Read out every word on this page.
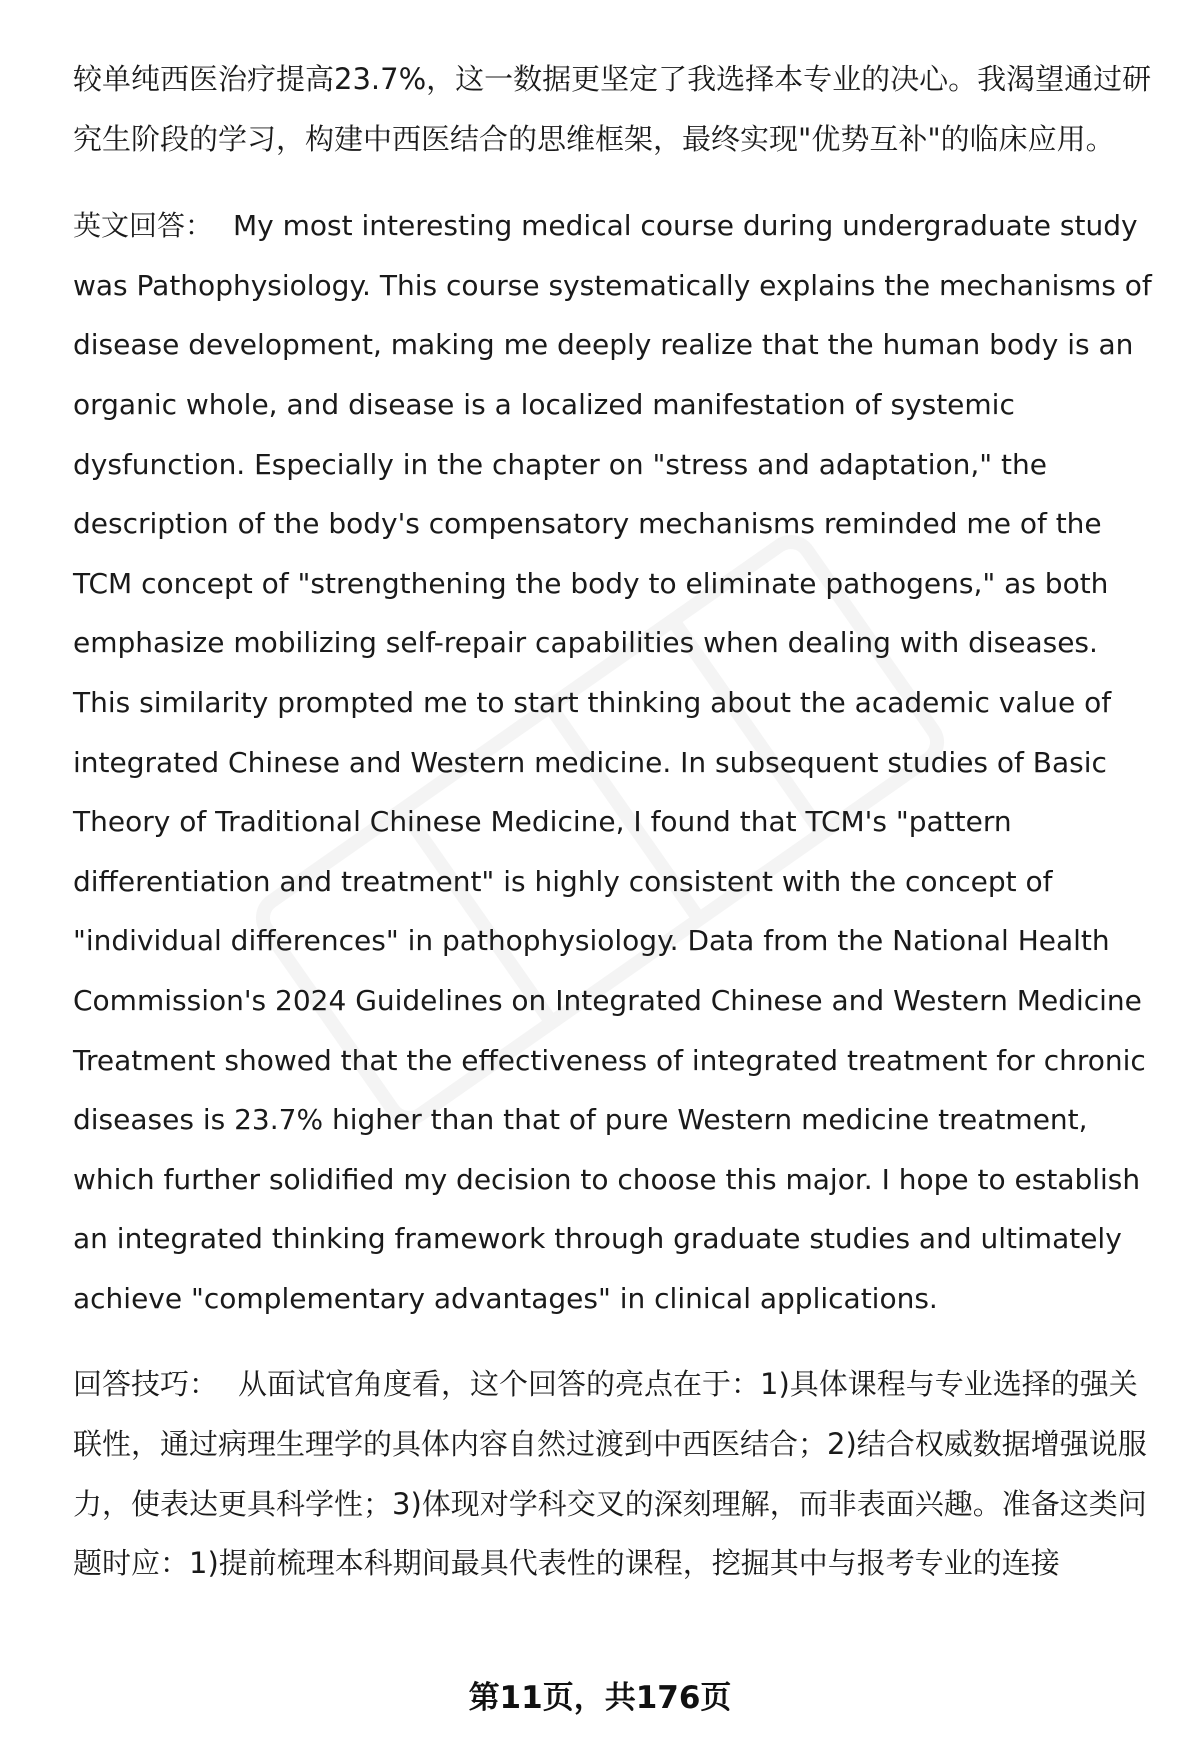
较单纯西医治疗提高23.7%，这一数据更坚定了我选择本专业的决心。我渴望通过研究生阶段的学习，构建中西医结合的思维框架，最终实现"优势互补"的临床应用。

英文回答： My most interesting medical course during undergraduate study was Pathophysiology. This course systematically explains the mechanisms of disease development, making me deeply realize that the human body is an organic whole, and disease is a localized manifestation of systemic dysfunction. Especially in the chapter on "stress and adaptation," the description of the body's compensatory mechanisms reminded me of the TCM concept of "strengthening the body to eliminate pathogens," as both emphasize mobilizing self-repair capabilities when dealing with diseases. This similarity prompted me to start thinking about the academic value of integrated Chinese and Western medicine. In subsequent studies of Basic Theory of Traditional Chinese Medicine, I found that TCM's "pattern differentiation and treatment" is highly consistent with the concept of "individual differences" in pathophysiology. Data from the National Health Commission's 2024 Guidelines on Integrated Chinese and Western Medicine Treatment showed that the effectiveness of integrated treatment for chronic diseases is 23.7% higher than that of pure Western medicine treatment, which further solidified my decision to choose this major. I hope to establish an integrated thinking framework through graduate studies and ultimately achieve "complementary advantages" in clinical applications.

回答技巧： 从面试官角度看，这个回答的亮点在于：1)具体课程与专业选择的强关联性，通过病理生理学的具体内容自然过渡到中西医结合；2)结合权威数据增强说服力，使表达更具科学性；3)体现对学科交叉的深刻理解，而非表面兴趣。准备这类问题时应：1)提前梳理本科期间最具代表性的课程，挖掘其中与报考专业的连接

第11页，共176页
